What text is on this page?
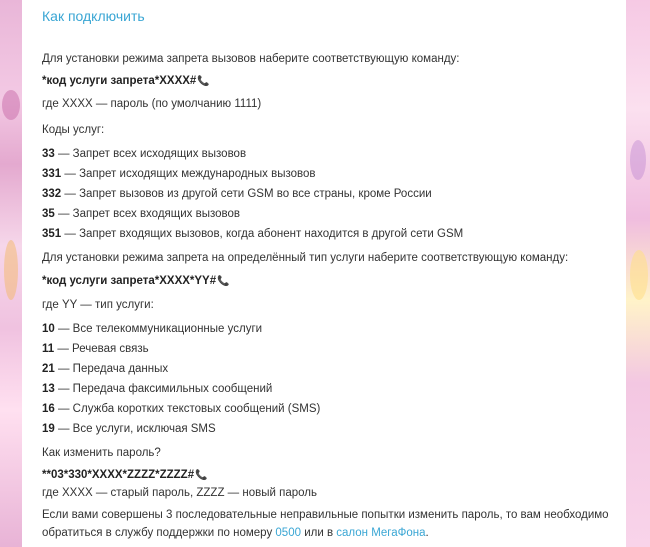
Как подключить
Для установки режима запрета вызовов наберите соответствующую команду:
*код услуги запрета*XXXX#📞
где XXXX — пароль (по умолчанию 1111)
Коды услуг:
33 — Запрет всех исходящих вызовов
331 — Запрет исходящих международных вызовов
332 — Запрет вызовов из другой сети GSM во все страны, кроме России
35 — Запрет всех входящих вызовов
351 — Запрет входящих вызовов, когда абонент находится в другой сети GSM
Для установки режима запрета на определённый тип услуги наберите соответствующую команду:
*код услуги запрета*XXXX*YY#📞
где YY — тип услуги:
10 — Все телекоммуникационные услуги
11 — Речевая связь
21 — Передача данных
13 — Передача факсимильных сообщений
16 — Служба коротких текстовых сообщений (SMS)
19 — Все услуги, исключая SMS
Как изменить пароль?
**03*330*XXXX*ZZZZ*ZZZZ#📞
где XXXX — старый пароль, ZZZZ — новый пароль
Если вами совершены 3 последовательные неправильные попытки изменить пароль, то вам необходимо
обратиться в службу поддержки по номеру 0500 или в салон МегаФона.
